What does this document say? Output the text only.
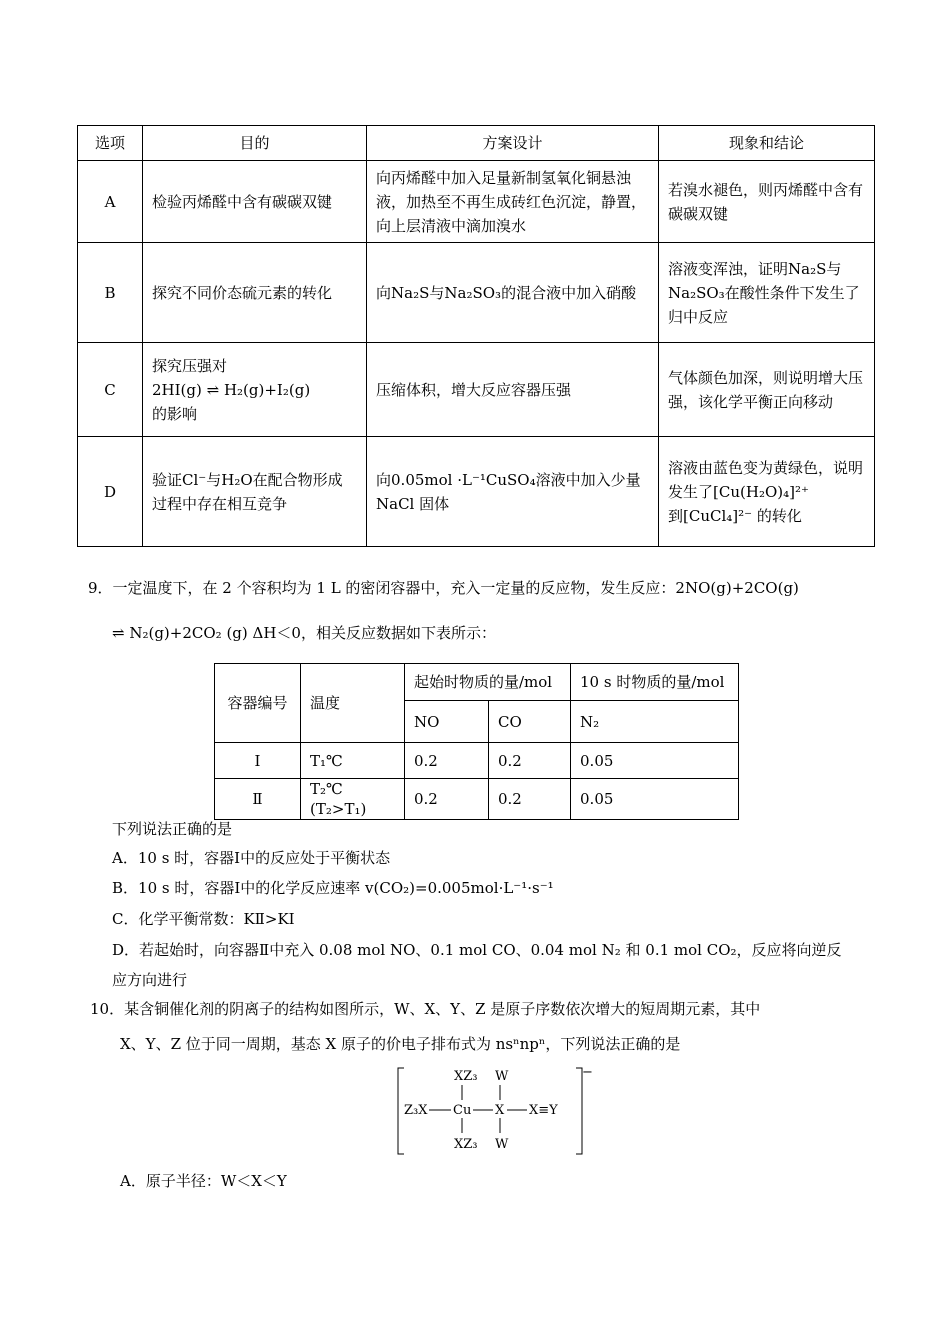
选项	目的	方案设计	现象和结论
A	检验丙烯醛中含有碳碳双键	向丙烯醛中加入足量新制氢氧化铜悬浊液，加热至不再生成砖红色沉淀，静置，向上层清液中滴加溴水	若溴水褪色，则丙烯醛中含有碳碳双键
B	探究不同价态硫元素的转化	向Na₂S与Na₂SO₃的混合液中加入硝酸	溶液变浑浊，证明Na₂S与
Na₂SO₃在酸性条件下发生了归中反应
C	探究压强对
2HI(g) ⇌ H₂(g)+I₂(g)
的影响	压缩体积，增大反应容器压强	气体颜色加深，则说明增大压强，该化学平衡正向移动
D	验证Cl⁻与H₂O在配合物形成过程中存在相互竞争	向0.05mol ·L⁻¹CuSO₄溶液中加入少量 NaCl 固体	溶液由蓝色变为黄绿色，说明发生了[Cu(H₂O)₄]²⁺
到[CuCl₄]²⁻ 的转化
9．一定温度下，在 2 个容积均为 1 L 的密闭容器中，充入一定量的反应物，发生反应：2NO(g)+2CO(g)
⇌ N₂(g)+2CO₂ (g) ΔH＜0，相关反应数据如下表所示：
容器编号	温度	起始时物质的量/mol		10 s 时物质的量/mol
		NO	CO	N₂
Ⅰ	T₁℃	0.2	0.2	0.05
Ⅱ	T₂℃(T₂>T₁)	0.2	0.2	0.05
下列说法正确的是
A．10 s 时，容器Ⅰ中的反应处于平衡状态
B．10 s 时，容器Ⅰ中的化学反应速率 v(CO₂)=0.005mol·L⁻¹·s⁻¹
C．化学平衡常数：KⅡ>KⅠ
D．若起始时，向容器Ⅱ中充入 0.08 mol NO、0.1 mol CO、0.04 mol N₂ 和 0.1 mol CO₂，反应将向逆反
应方向进行
10．某含铜催化剂的阴离子的结构如图所示，W、X、Y、Z 是原子序数依次增大的短周期元素，其中
X、Y、Z 位于同一周期，基态 X 原子的价电子排布式为 nsⁿnpⁿ，下列说法正确的是
−
XZ₃ W
Z₃X Cu X X≡Y
XZ₃ W
A．原子半径：W＜X＜Y
